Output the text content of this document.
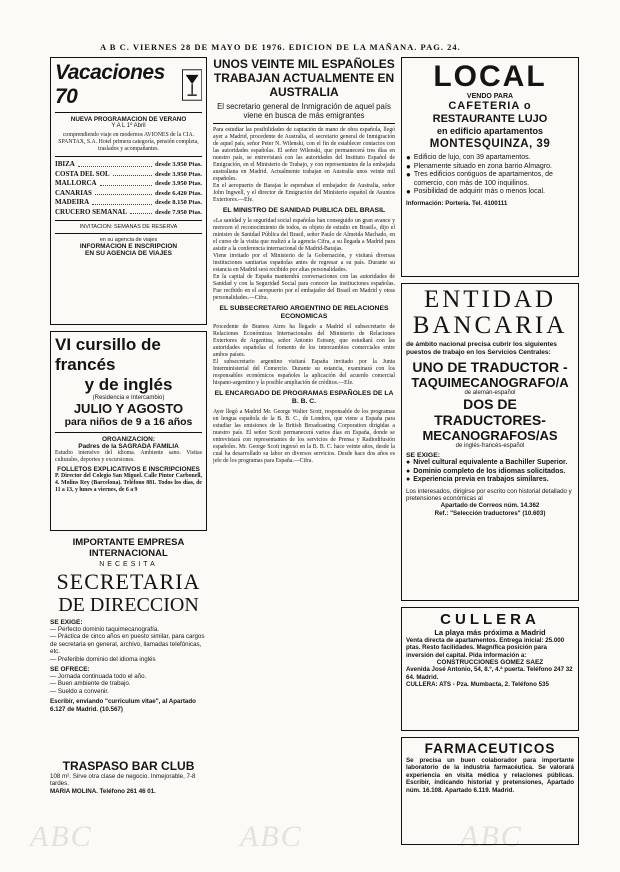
ABC	ABC	ABC
A B C. VIERNES 28 DE MAYO DE 1976. EDICION DE LA MAÑANA. PAG. 24.
Vacaciones 70
NUEVA PROGRAMACION DE VERANO
Y A L 1º Abril
comprendiendo viaje en modernos AVIONES de la CIA. SPANTAX, S.A. Hotel primera categoría, pensión completa, traslados y acompañantes.
IBIZA	desde 3.950 Ptas.
COSTA DEL SOL	desde 3.950 Ptas.
MALLORCA	desde 3.950 Ptas.
CANARIAS	desde 6.420 Ptas.
MADEIRA	desde 8.150 Ptas.
CRUCERO SEMANAL	desde 7.950 Ptas.
INVITACION: SEMANAS DE RESERVA
en su agencia de viajes
INFORMACION E INSCRIPCION
EN SU AGENCIA DE VIAJES
VI cursillo de francés
y de inglés
(Residencia e Intercambio)
JULIO Y AGOSTO
para niños de 9 a 16 años
ORGANIZACION:
Padres de la SAGRADA FAMILIA
Estudio intensivo del idioma. Ambiente sano. Visitas culturales, deportes y excursiones.
FOLLETOS EXPLICATIVOS E INSCRIPCIONES
P. Director del Colegio San Miguel. Calle Pintor Carbonell, 4. Molins Rey (Barcelona). Teléfono 881. Todos los días, de 11 a 13, y lunes a viernes, de 6 a 9
IMPORTANTE EMPRESA INTERNACIONAL
NECESITA
SECRETARIA
DE DIRECCION
SE EXIGE:
— Perfecto dominio taquimecanografía.
— Práctica de cinco años en puesto similar, para cargos de secretaria en general, archivo, llamadas telefónicas, etc.
— Preferible dominio del idioma inglés
SE OFRECE:
— Jornada continuada todo el año.
— Buen ambiente de trabajo.
— Sueldo a convenir.
Escribir, enviando "curriculum vitae", al Apartado 6.127 de Madrid. (10.567)
TRASPASO BAR CLUB
108 m². Sirve otra clase de negocio. Inmejorable, 7-8 tardes.
MARIA MOLINA. Teléfono 261 46 01.
UNOS VEINTE MIL ESPAÑOLES
TRABAJAN ACTUALMENTE EN
AUSTRALIA
El secretario general de Inmigración de aquel país viene en busca de más emigrantes
Para estudiar las posibilidades de captación de mano de obra española, llegó ayer a Madrid, procedente de Australia, el secretario general de Inmigración de aquel país, señor Peter N. Wilenski, con el fin de establecer contactos con las autoridades españolas. El señor Wilenski, que permanecerá tres días en nuestro país, se entrevistará con las autoridades del Instituto Español de Emigración, en el Ministerio de Trabajo, y con representantes de la embajada australiana en Madrid. Actualmente trabajan en Australia unos veinte mil españoles.
En el aeropuerto de Barajas le esperaban el embajador de Australia, señor John Ingwell, y el director de Emigración del Ministerio español de Asuntos Exteriores.—Efe.
EL MINISTRO DE SANIDAD PUBLICA DEL BRASIL
«La sanidad y la seguridad social españolas han conseguido un gran avance y merecen el reconocimiento de todos, es objeto de estudio en Brasil», dijo el ministro de Sanidad Pública del Brasil, señor Paulo de Almeida Machado, en el curso de la visita que realizó a la agencia Cifra, a su llegada a Madrid para asistir a la conferencia internacional de Madrid-Barajas.
Viene invitado por el Ministerio de la Gobernación, y visitará diversas instituciones sanitarias españolas antes de regresar a su país. Durante su estancia en Madrid será recibido por altas personalidades.
En la capital de España mantendrá conversaciones con las autoridades de Sanidad y con la Seguridad Social para conocer las instituciones españolas. Fue recibido en el aeropuerto por el embajador del Brasil en Madrid y otras personalidades.—Cifra.
EL SUBSECRETARIO ARGENTINO DE RELACIONES ECONOMICAS
Procedente de Buenos Aires ha llegado a Madrid el subsecretario de Relaciones Económicas Internacionales del Ministerio de Relaciones Exteriores de Argentina, señor Antonio Estrany, que estudiará con las autoridades españolas el fomento de los intercambios comerciales entre ambos países.
El subsecretario argentino visitará España invitado por la Junta Interministerial del Comercio. Durante su estancia, examinará con los responsables económicos españoles la aplicación del acuerdo comercial hispano-argentino y la posible ampliación de créditos.—Efe.
EL ENCARGADO DE PROGRAMAS ESPAÑOLES DE LA B. B. C.
Ayer llegó a Madrid Mr. George Walter Scott, responsable de los programas en lengua española de la B. B. C., de Londres, que viene a España para estudiar las emisiones de la British Broadcasting Corporation dirigidas a nuestro país. El señor Scott permanecerá varios días en España, donde se entrevistará con representantes de los servicios de Prensa y Radiodifusión españoles. Mr. George Scott ingresó en la B. B. C. hace veinte años, desde la cual ha desarrollado su labor en diversos servicios. Desde hace dos años es jefe de los programas para España.—Cifra.
LOCAL
VENDO PARA
CAFETERIA o
RESTAURANTE LUJO
en edificio apartamentos
MONTESQUINZA, 39
● Edificio de lujo, con 39 apartamentos.
● Plenamente situado en zona barrio Almagro.
● Tres edificios contiguos de apartamentos, de comercio, con más de 100 inquilinos.
● Posibilidad de adquirir más o menos local.
Información: Portería. Tel. 4100111
ENTIDAD
BANCARIA
de ámbito nacional precisa cubrir los siguientes puestos de trabajo en los Servicios Centrales:
UNO DE TRADUCTOR -
TAQUIMECANOGRAFO/A
de alemán-español
DOS DE TRADUCTORES-
MECANOGRAFOS/AS
de inglés-francés-español
SE EXIGE:
● Nivel cultural equivalente a Bachiller Superior.
● Dominio completo de los idiomas solicitados.
● Experiencia previa en trabajos similares.
Los interesados, dirigirse por escrito con historial detallado y pretensiones económicas al
Apartado de Correos núm. 14.362
Ref.: "Selección traductores" (10.603)
CULLERA
La playa más próxima a Madrid
Venta directa de apartamentos. Entrega inicial: 25.000 ptas. Resto facilidades. Magnífica posición para inversión del capital. Pida información a:
CONSTRUCCIONES GOMEZ SAEZ
Avenida José Antonio, 54, 8.º, 4.ª puerta. Teléfono 247 32 64. Madrid.
CULLERA: ATS - Pza. Mumbacta, 2. Teléfono 535
FARMACEUTICOS
Se precisa un buen colaborador para importante laboratorio de la industria farmacéutica. Se valorará experiencia en visita médica y relaciones públicas. Escribir, indicando historial y pretensiones, Apartado núm. 16.108. Apartado 6.119. Madrid.
